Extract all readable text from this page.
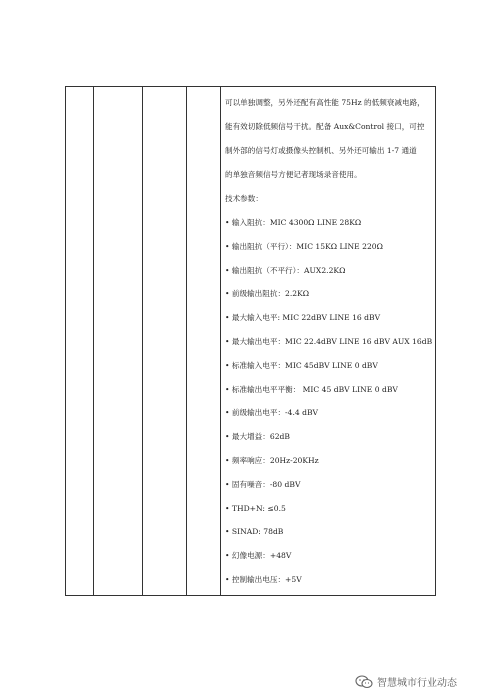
可以单独调整，另外还配有高性能 75Hz 的低频衰减电路，

能有效切除低频信号干扰。配备 Aux&Control 接口，可控

制外部的信号灯或摄像头控制机、另外还可输出 1-7 通道

的单独音频信号方便记者现场录音使用。

技术参数：

• 输入阻抗：MIC 4300Ω LINE 28KΩ

• 输出阻抗（平行）：MIC 15KΩ LINE 220Ω

• 输出阻抗（不平行）：AUX2.2KΩ

• 前级输出阻抗：2.2KΩ

• 最大输入电平: MIC 22dBV LINE 16 dBV

• 最大输出电平：MIC 22.4dBV LINE 16 dBV AUX 16dB

• 标准输入电平：MIC 45dBV LINE 0 dBV

• 标准输出电平平衡： MIC 45 dBV LINE 0 dBV

• 前级输出电平：-4.4 dBV

• 最大增益：62dB

• 频率响应：20Hz-20KHz

• 固有噪音：-80 dBV

• THD+N: ≤0.5

• SINAD: 78dB

• 幻像电源：+48V

• 控制输出电压：+5V

智慧城市行业动态
